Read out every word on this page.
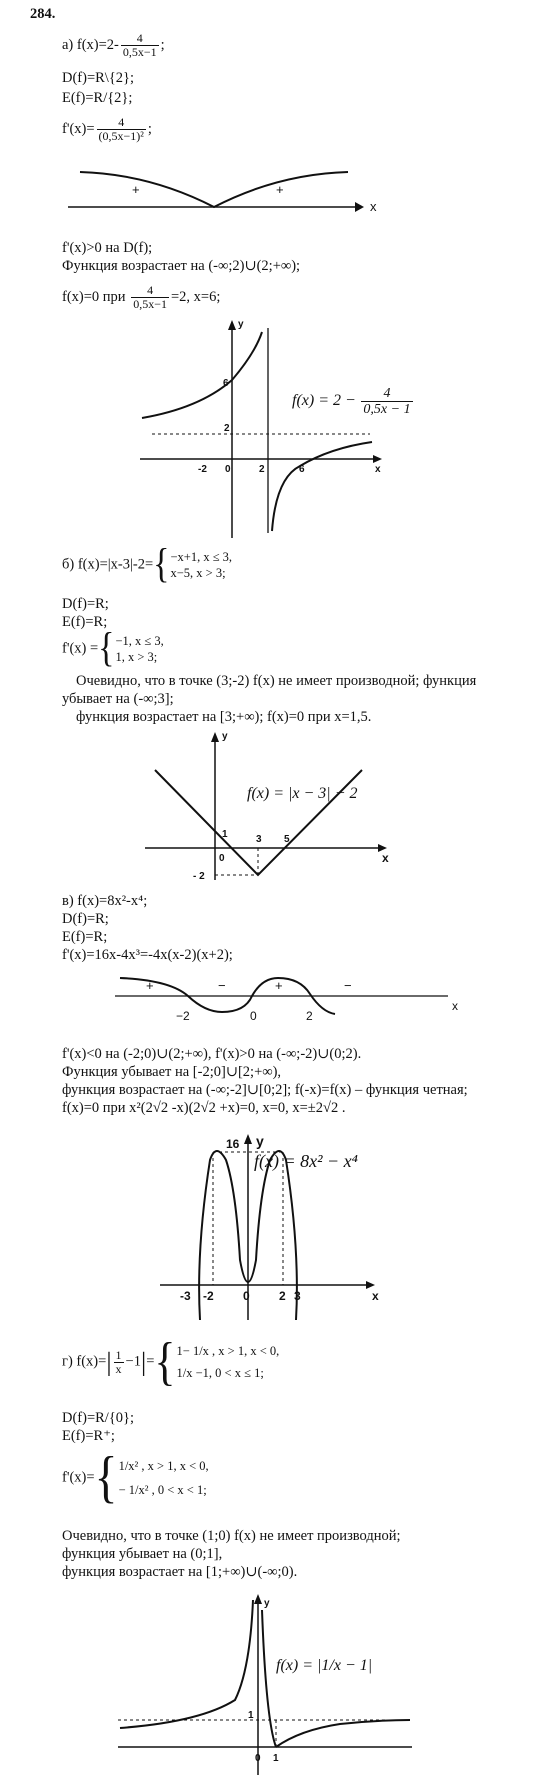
284.
а) $f(x)=2- \frac{4}{0,5x-1}$ ;
D(f)=R\{2};
E(f)=R/{2};
$f'(x)= \frac{4}{\text{(0,5x−1)²}}$ ;
+	+
x
f'(x)>0 на D(f);
Функция возрастает на (-∞;2)∪(2;+∞);
f(x)=0 при $\frac{4}{0,5x-1} =2$, x=6;
y
x
6
2
-2 0	2	6
$f(x) = 2 - \frac{4}{0,5x - 1}$
б) f(x)=|x-3|-2={ −x+1, x ≤ 3,
x−5, x > 3;
D(f)=R;
E(f)=R;
f'(x) ={ −1, x ≤ 3,
1, x > 3;
Очевидно, что в точке (3;-2) f(x) не имеет производной; функция
убывает на (-∞;3];
функция возрастает на [3;+∞); f(x)=0 при x=1,5.
y
x
1
0
3 5
- 2
f(x) = |x − 3| − 2
в) f(x)=8x²-x⁴;
D(f)=R;
E(f)=R;
f'(x)=16x-4x³=-4x(x-2)(x+2);
+	−	+	−
−2	0	2
x
f'(x)<0 на (-2;0)∪(2;+∞), f'(x)>0 на (-∞;-2)∪(0;2).
Функция убывает на [-2;0]∪[2;+∞),
функция возрастает на (-∞;-2]∪[0;2]; f(-x)=f(x) – функция четная;
f(x)=0 при x²(2√2 -x)(2√2 +x)=0, x=0, x=±2√2 .
y
x
16
-3 -2 0 2 3
f(x) = 8x² − x⁴
г) $f(x)=| \frac{1}{x} -1|=${ 1− 1/x , x > 1, x < 0,
1/x −1, 0 < x ≤ 1;
D(f)=R/{0};
E(f)=R⁺;
f'(x)={ 1/x² , x > 1, x < 0,
− 1/x² , 0 < x < 1;
Очевидно, что в точке (1;0) f(x) не имеет производной;
функция убывает на (0;1],
функция возрастает на [1;+∞)∪(-∞;0).
y
1
0 1
f(x) = |1/x − 1|
